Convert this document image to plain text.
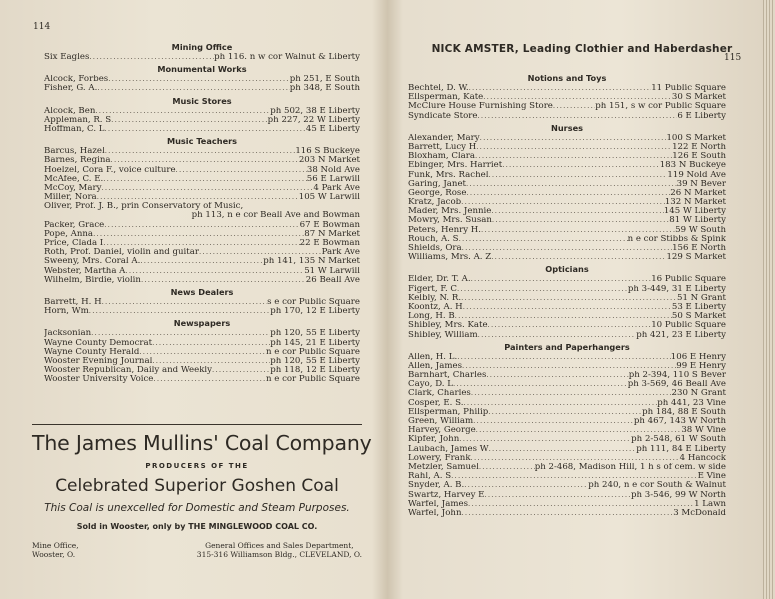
114
Mining Office
Six Eagles .....	ph 116. n w cor Walnut & Liberty
Monumental Works
Alcock, Forbes .....	ph 251, E South
Fisher, G. A. .....	ph 348, E South
Music Stores
Alcock, Ben .....	ph 502, 38 E Liberty
Appleman, R. S .....	ph 227, 22 W Liberty
Hoffman, C. L .....	45 E Liberty
Music Teachers
Barcus, Hazel .....	116 S Buckeye
Barnes, Regina .....	203 N Market
Hoelzel, Cora F., voice culture .....	38 Nold Ave
McAfee, C. E. .....	56 E Larwill
McCoy, Mary .....	4 Park Ave
Miller, Nora .....	105 W Larwill
Oliver, Prof. J. B., prin Conservatory of Music,
ph 113, n e cor Beall Ave and Bowman
Packer, Grace .....	67 E Bowman
Pope, Anna .....	87 N Market
Price, Clada I .....	22 E Bowman
Roth, Prof. Daniel, violin and guitar .....	Park Ave
Sweeny, Mrs. Coral A. .....	ph 141, 135 N Market
Webster, Martha A .....	51 W Larwill
Wilhelm, Birdie, violin .....	26 Beall Ave
News Dealers
Barrett, H. H .....	s e cor Public Square
Horn, Wm .....	ph 170, 12 E Liberty
Newspapers
Jacksonian .....	ph 120, 55 E Liberty
Wayne County Democrat .....	ph 145, 21 E Liberty
Wayne County Herald .....	n e cor Public Square
Wooster Evening Journal .....	ph 120, 55 E Liberty
Wooster Republican, Daily and Weekly .....	ph 118, 12 E Liberty
Wooster University Voice .....	n e cor Public Square
The James Mullins' Coal Company
PRODUCERS OF THE
Celebrated Superior Goshen Coal
This Coal is unexcelled for Domestic and Steam Purposes.
Sold in Wooster, only by THE MINGLEWOOD COAL CO.
Mine Office,
Wooster, O.
General Offices and Sales Department,
315-316 Williamson Bldg., CLEVELAND, O.
NICK AMSTER, Leading Clothier and Haberdasher
115
Notions and Toys
Bechtel, D. W. .....	11 Public Square
Ellsperman, Kate .....	30 S Market
McClure House Furnishing Store .....	ph 151, s w cor Public Square
Syndicate Store .....	6 E Liberty
Nurses
Alexander, Mary .....	100 S Market
Barrett, Lucy H .....	122 E North
Bloxham, Clara .....	126 E South
Ebinger, Mrs. Harriet .....	183 N Buckeye
Funk, Mrs. Rachel .....	119 Nold Ave
Garing, Janet .....	39 N Bever
George, Rose .....	26 N Market
Kratz, Jacob .....	132 N Market
Mader, Mrs. Jennie .....	145 W Liberty
Mowry, Mrs. Susan .....	81 W Liberty
Peters, Henry H. .....	59 W South
Rouch, A. S .....	n e cor Stibbs & Spink
Shields, Ora .....	156 E North
Williams, Mrs. A. Z .....	129 S Market
Opticians
Elder, Dr. T. A. .....	16 Public Square
Figert, F. C .....	ph 3-449, 31 E Liberty
Kelbly, N. R. .....	51 N Grant
Koontz, A. H .....	53 E Liberty
Long, H. B .....	50 S Market
Shibley, Mrs. Kate .....	10 Public Square
Shibley, William .....	ph 421, 23 E Liberty
Painters and Paperhangers
Allen, H. L. .....	106 E Henry
Allen, James .....	99 E Henry
Barnhart, Charles .....	ph 2-394, 110 S Bever
Cayo, D. L .....	ph 3-569, 46 Beall Ave
Clark, Charles .....	230 N Grant
Cosper, E. S. .....	ph 441, 23 Vine
Ellsperman, Philip .....	ph 184, 88 E South
Green, William .....	ph 467, 143 W North
Harvey, George .....	38 W Vine
Kipfer, John .....	ph 2-548, 61 W South
Laubach, James W .....	ph 111, 84 E Liberty
Lowery, Frank .....	4 Hancock
Metzler, Samuel .....	ph 2-468, Madison Hill, 1 h s of cem. w side
Rahl, A. S .....	E Vine
Snyder, A. B. .....	ph 240, n e cor South & Walnut
Swartz, Harvey E .....	ph 3-546, 99 W North
Warfel, James .....	1 Lawn
Warfel, John .....	3 McDonald
